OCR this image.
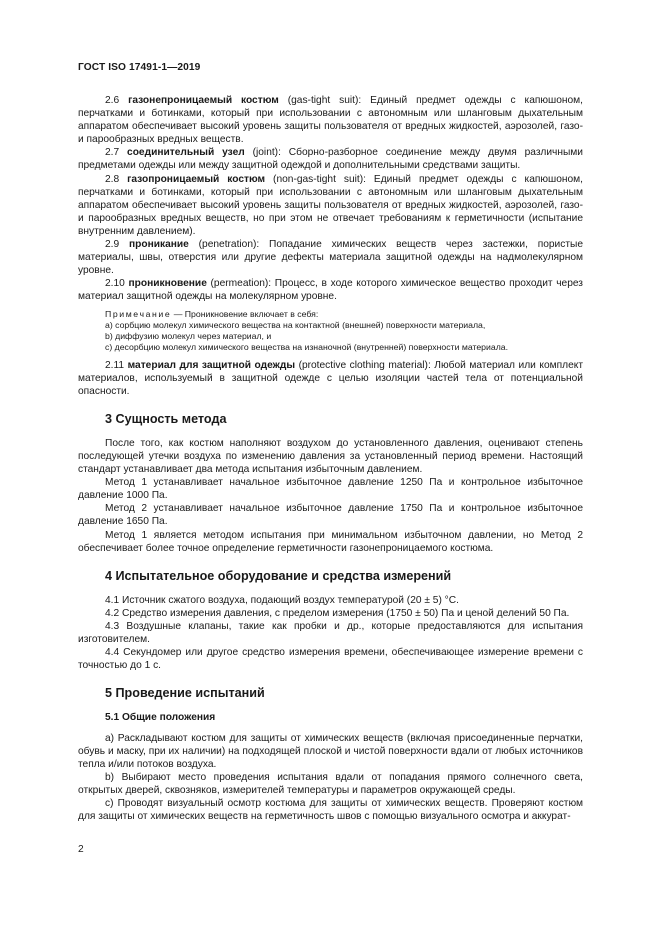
ГОСТ ISO 17491-1—2019

2.6 газонепроницаемый костюм (gas-tight suit): Единый предмет одежды с капюшоном, перчатками и ботинками, который при использовании с автономным или шланговым дыхательным аппаратом обеспечивает высокий уровень защиты пользователя от вредных жидкостей, аэрозолей, газо- и парообразных вредных веществ.

2.7 соединительный узел (joint): Сборно-разборное соединение между двумя различными предметами одежды или между защитной одеждой и дополнительными средствами защиты.

2.8 газопроницаемый костюм (non-gas-tight suit): Единый предмет одежды с капюшоном, перчатками и ботинками, который при использовании с автономным или шланговым дыхательным аппаратом обеспечивает высокий уровень защиты пользователя от вредных жидкостей, аэрозолей, газо- и парообразных вредных веществ, но при этом не отвечает требованиям к герметичности (испытание внутренним давлением).

2.9 проникание (penetration): Попадание химических веществ через застежки, пористые материалы, швы, отверстия или другие дефекты материала защитной одежды на надмолекулярном уровне.

2.10 проникновение (permeation): Процесс, в ходе которого химическое вещество проходит через материал защитной одежды на молекулярном уровне.

Примечание — Проникновение включает в себя:

a) сорбцию молекул химического вещества на контактной (внешней) поверхности материала,

b) диффузию молекул через материал, и

c) десорбцию молекул химического вещества на изнаночной (внутренней) поверхности материала.

2.11 материал для защитной одежды (protective clothing material): Любой материал или комплект материалов, используемый в защитной одежде с целью изоляции частей тела от потенциальной опасности.

3 Сущность метода

После того, как костюм наполняют воздухом до установленного давления, оценивают степень последующей утечки воздуха по изменению давления за установленный период времени. Настоящий стандарт устанавливает два метода испытания избыточным давлением.

Метод 1 устанавливает начальное избыточное давление 1250 Па и контрольное избыточное давление 1000 Па.

Метод 2 устанавливает начальное избыточное давление 1750 Па и контрольное избыточное давление 1650 Па.

Метод 1 является методом испытания при минимальном избыточном давлении, но Метод 2 обеспечивает более точное определение герметичности газонепроницаемого костюма.

4 Испытательное оборудование и средства измерений

4.1 Источник сжатого воздуха, подающий воздух температурой (20 ± 5) °С.

4.2 Средство измерения давления, с пределом измерения (1750 ± 50) Па и ценой делений 50 Па.

4.3 Воздушные клапаны, такие как пробки и др., которые предоставляются для испытания изготовителем.

4.4 Секундомер или другое средство измерения времени, обеспечивающее измерение времени с точностью до 1 с.

5 Проведение испытаний
5.1 Общие положения

а) Раскладывают костюм для защиты от химических веществ (включая присоединенные перчатки, обувь и маску, при их наличии) на подходящей плоской и чистой поверхности вдали от любых источников тепла и/или потоков воздуха.

b) Выбирают место проведения испытания вдали от попадания прямого солнечного света, открытых дверей, сквозняков, измерителей температуры и параметров окружающей среды.

с) Проводят визуальный осмотр костюма для защиты от химических веществ. Проверяют костюм для защиты от химических веществ на герметичность швов с помощью визуального осмотра и аккурат-

2
